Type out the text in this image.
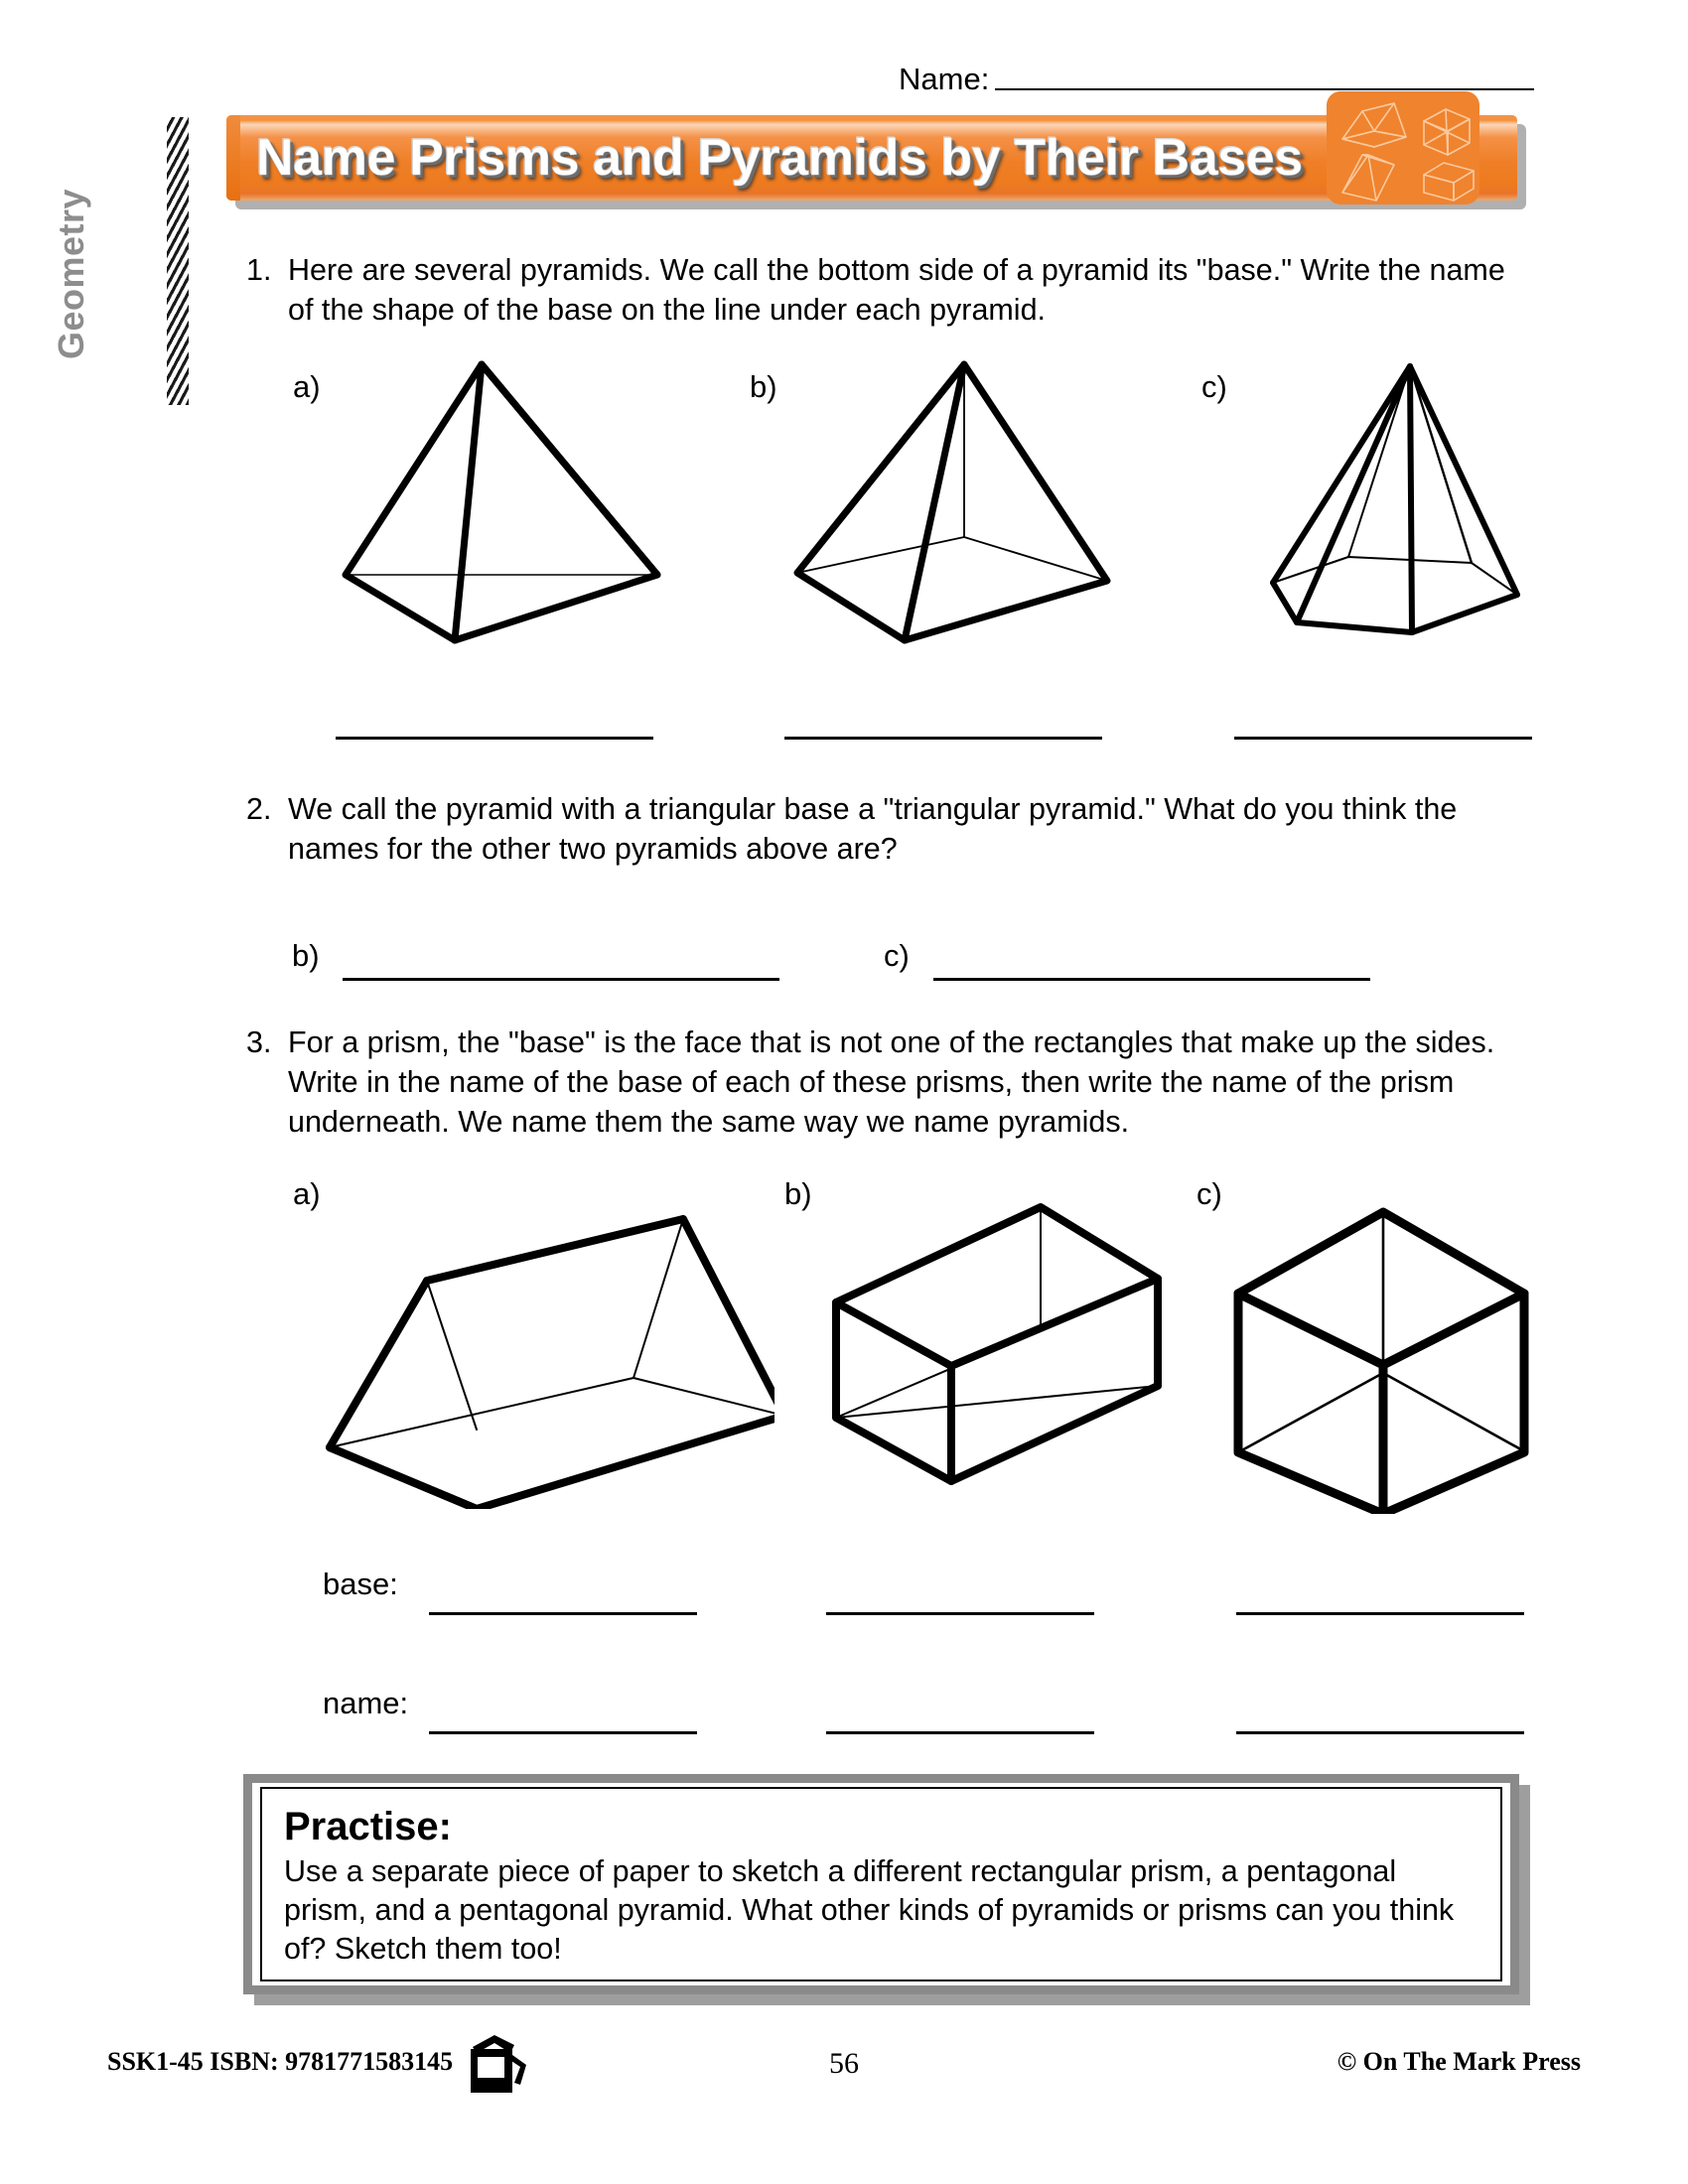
Geometry
Name:
Name Prisms and Pyramids by Their Bases
1. Here are several pyramids. We call the bottom side of a pyramid its "base." Write the name of the shape of the base on the line under each pyramid.
a)	b)	c)
2. We call the pyramid with a triangular base a "triangular pyramid." What do you think the names for the other two pyramids above are?
b)	c)
3. For a prism, the "base" is the face that is not one of the rectangles that make up the sides. Write in the name of the base of each of these prisms, then write the name of the prism underneath. We name them the same way we name pyramids.
a)	b)	c)
base:
name:
Practise:
Use a separate piece of paper to sketch a different rectangular prism, a pentagonal prism, and a pentagonal pyramid. What other kinds of pyramids or prisms can you think of? Sketch them too!
SSK1-45 ISBN: 9781771583145	56	© On The Mark Press
